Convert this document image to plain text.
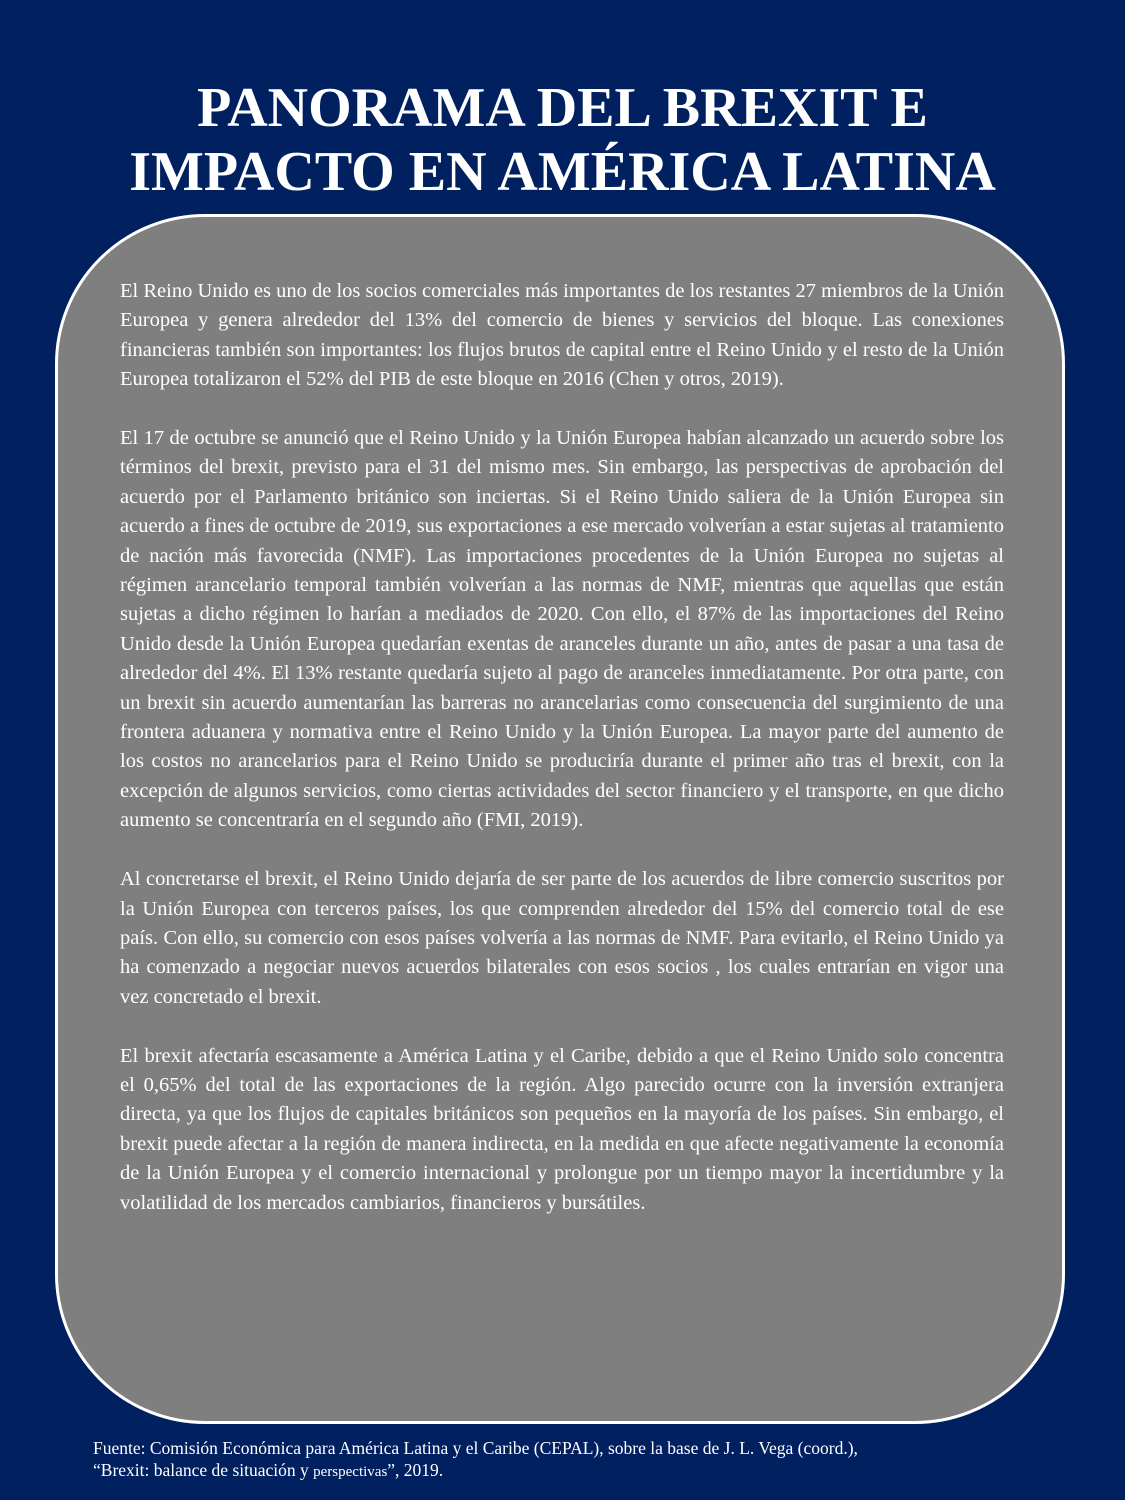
PANORAMA DEL BREXIT E
IMPACTO EN AMÉRICA LATINA

El Reino Unido es uno de los socios comerciales más importantes de los restantes 27 miembros de la Unión Europea y genera alrededor del 13% del comercio de bienes y servicios del bloque. Las conexiones financieras también son importantes: los flujos brutos de capital entre el Reino Unido y el resto de la Unión Europea totalizaron el 52% del PIB de este bloque en 2016 (Chen y otros, 2019).

El 17 de octubre se anunció que el Reino Unido y la Unión Europea habían alcanzado un acuerdo sobre los términos del brexit, previsto para el 31 del mismo mes. Sin embargo, las perspectivas de aprobación del acuerdo por el Parlamento británico son inciertas. Si el Reino Unido saliera de la Unión Europea sin acuerdo a fines de octubre de 2019, sus exportaciones a ese mercado volverían a estar sujetas al tratamiento de nación más favorecida (NMF). Las importaciones procedentes de la Unión Europea no sujetas al régimen arancelario temporal también volverían a las normas de NMF, mientras que aquellas que están sujetas a dicho régimen lo harían a mediados de 2020. Con ello, el 87% de las importaciones del Reino Unido desde la Unión Europea quedarían exentas de aranceles durante un año, antes de pasar a una tasa de alrededor del 4%. El 13% restante quedaría sujeto al pago de aranceles inmediatamente. Por otra parte, con un brexit sin acuerdo aumentarían las barreras no arancelarias como consecuencia del surgimiento de una frontera aduanera y normativa entre el Reino Unido y la Unión Europea. La mayor parte del aumento de los costos no arancelarios para el Reino Unido se produciría durante el primer año tras el brexit, con la excepción de algunos servicios, como ciertas actividades del sector financiero y el transporte, en que dicho aumento se concentraría en el segundo año (FMI, 2019).

Al concretarse el brexit, el Reino Unido dejaría de ser parte de los acuerdos de libre comercio suscritos por la Unión Europea con terceros países, los que comprenden alrededor del 15% del comercio total de ese país. Con ello, su comercio con esos países volvería a las normas de NMF. Para evitarlo, el Reino Unido ya ha comenzado a negociar nuevos acuerdos bilaterales con esos socios , los cuales entrarían en vigor una vez concretado el brexit.

El brexit afectaría escasamente a América Latina y el Caribe, debido a que el Reino Unido solo concentra el 0,65% del total de las exportaciones de la región. Algo parecido ocurre con la inversión extranjera directa, ya que los flujos de capitales británicos son pequeños en la mayoría de los países. Sin embargo, el brexit puede afectar a la región de manera indirecta, en la medida en que afecte negativamente la economía de la Unión Europea y el comercio internacional y prolongue por un tiempo mayor la incertidumbre y la volatilidad de los mercados cambiarios, financieros y bursátiles.

Fuente: Comisión Económica para América Latina y el Caribe (CEPAL), sobre la base de J. L. Vega (coord.),
“Brexit: balance de situación y perspectivas”, 2019.
